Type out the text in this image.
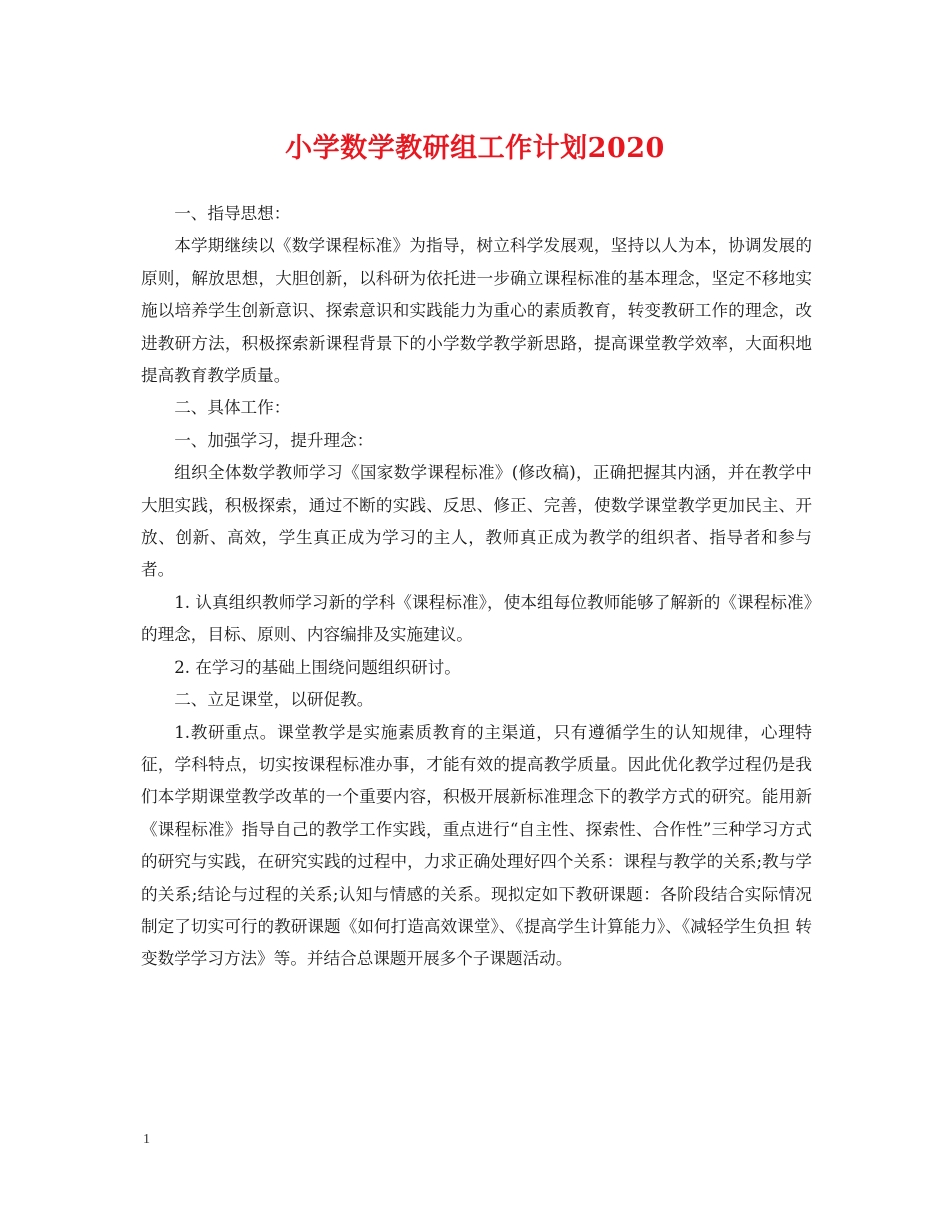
小学数学教研组工作计划2020

一、指导思想：

本学期继续以《数学课程标准》为指导，树立科学发展观，坚持以人为本，协调发展的原则，解放思想，大胆创新，以科研为依托进一步确立课程标准的基本理念，坚定不移地实施以培养学生创新意识、探索意识和实践能力为重心的素质教育，转变教研工作的理念，改进教研方法，积极探索新课程背景下的小学数学教学新思路，提高课堂教学效率，大面积地提高教育教学质量。

二、具体工作：

一、加强学习，提升理念：

组织全体数学教师学习《国家数学课程标准》(修改稿)，正确把握其内涵，并在教学中大胆实践，积极探索，通过不断的实践、反思、修正、完善，使数学课堂教学更加民主、开放、创新、高效，学生真正成为学习的主人，教师真正成为教学的组织者、指导者和参与者。

1. 认真组织教师学习新的学科《课程标准》，使本组每位教师能够了解新的《课程标准》的理念，目标、原则、内容编排及实施建议。

2. 在学习的基础上围绕问题组织研讨。

二、立足课堂，以研促教。

1.教研重点。课堂教学是实施素质教育的主渠道，只有遵循学生的认知规律，心理特征，学科特点，切实按课程标准办事，才能有效的提高教学质量。因此优化教学过程仍是我们本学期课堂教学改革的一个重要内容，积极开展新标准理念下的教学方式的研究。能用新《课程标准》指导自己的教学工作实践，重点进行“自主性、探索性、合作性”三种学习方式的研究与实践，在研究实践的过程中，力求正确处理好四个关系：课程与教学的关系;教与学的关系;结论与过程的关系;认知与情感的关系。现拟定如下教研课题：各阶段结合实际情况制定了切实可行的教研课题《如何打造高效课堂》、《提高学生计算能力》、《减轻学生负担 转变数学学习方法》等。并结合总课题开展多个子课题活动。

1
